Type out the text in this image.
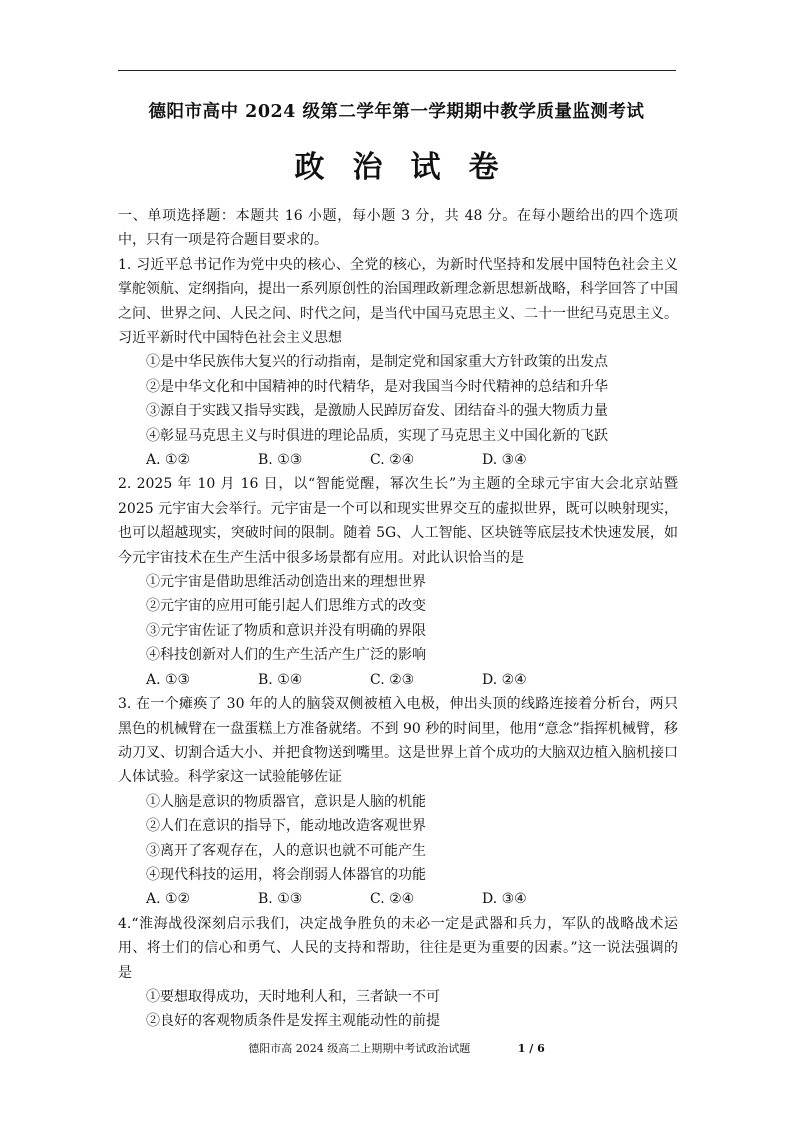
德阳市高中 2024 级第二学年第一学期期中教学质量监测考试
政治试卷

一、单项选择题：本题共 16 小题，每小题 3 分，共 48 分。在每小题给出的四个选项中，只有一项是符合题目要求的。

1. 习近平总书记作为党中央的核心、全党的核心，为新时代坚持和发展中国特色社会主义掌舵领航、定纲指向，提出一系列原创性的治国理政新理念新思想新战略，科学回答了中国之问、世界之问、人民之问、时代之问，是当代中国马克思主义、二十一世纪马克思主义。习近平新时代中国特色社会主义思想

①是中华民族伟大复兴的行动指南，是制定党和国家重大方针政策的出发点

②是中华文化和中国精神的时代精华，是对我国当今时代精神的总结和升华

③源自于实践又指导实践，是激励人民踔厉奋发、团结奋斗的强大物质力量

④彰显马克思主义与时俱进的理论品质，实现了马克思主义中国化新的飞跃

A. ①②	B. ①③	C. ②④	D. ③④

2. 2025 年 10 月 16 日，以“智能觉醒，幂次生长”为主题的全球元宇宙大会北京站暨 2025 元宇宙大会举行。元宇宙是一个可以和现实世界交互的虚拟世界，既可以映射现实，也可以超越现实，突破时间的限制。随着 5G、人工智能、区块链等底层技术快速发展，如今元宇宙技术在生产生活中很多场景都有应用。对此认识恰当的是

①元宇宙是借助思维活动创造出来的理想世界

②元宇宙的应用可能引起人们思维方式的改变

③元宇宙佐证了物质和意识并没有明确的界限

④科技创新对人们的生产生活产生广泛的影响

A. ①③	B. ①④	C. ②③	D. ②④

3. 在一个瘫痪了 30 年的人的脑袋双侧被植入电极，伸出头顶的线路连接着分析台，两只黑色的机械臂在一盘蛋糕上方准备就绪。不到 90 秒的时间里，他用“意念”指挥机械臂，移动刀叉、切割合适大小、并把食物送到嘴里。这是世界上首个成功的大脑双边植入脑机接口人体试验。科学家这一试验能够佐证

①人脑是意识的物质器官，意识是人脑的机能

②人们在意识的指导下，能动地改造客观世界

③离开了客观存在，人的意识也就不可能产生

④现代科技的运用，将会削弱人体器官的功能

A. ①②	B. ①③	C. ②④	D. ③④

4.“淮海战役深刻启示我们，决定战争胜负的未必一定是武器和兵力，军队的战略战术运用、将士们的信心和勇气、人民的支持和帮助，往往是更为重要的因素。”这一说法强调的是

①要想取得成功，天时地利人和，三者缺一不可

②良好的客观物质条件是发挥主观能动性的前提

德阳市高 2024 级高二上期期中考试政治试题	1 / 6
